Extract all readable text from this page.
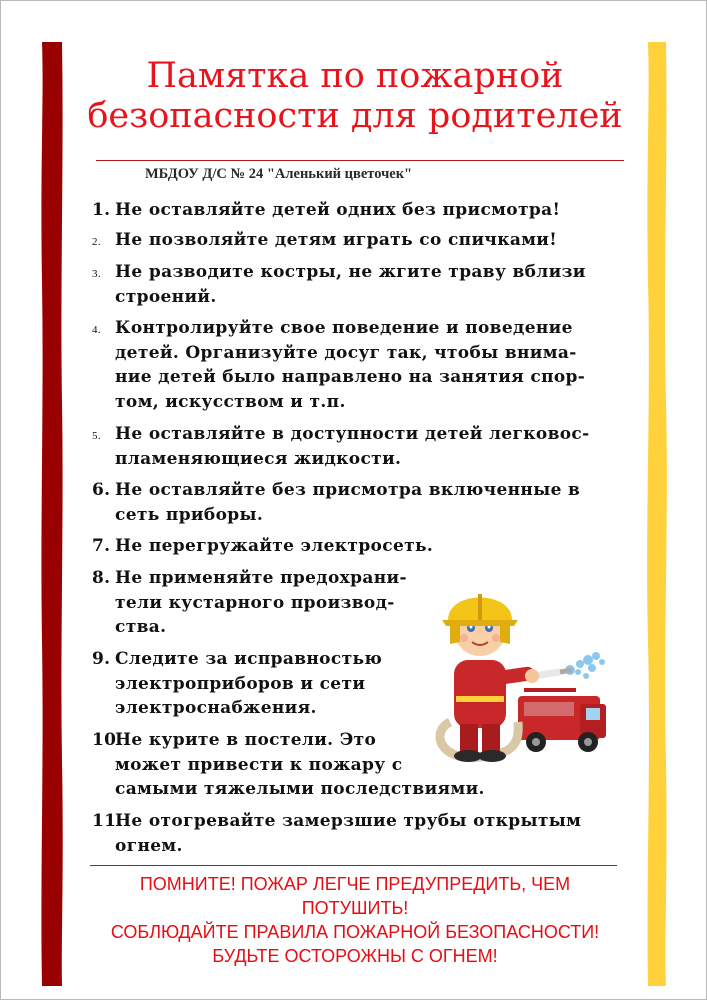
Памятка по пожарной
безопасности для родителей
МБДОУ Д/С № 24 "Аленький цветочек"
1. Не оставляйте детей одних без присмотра!
2. Не позволяйте детям играть со спичками!
3. Не разводите костры, не жгите траву вблизи
строений.
4. Контролируйте свое поведение и поведение
детей. Организуйте досуг так, чтобы внима-
ние детей было направлено на занятия спор-
том, искусством и т.п.
5. Не оставляйте в доступности детей легковос-
пламеняющиеся жидкости.
6. Не оставляйте без присмотра включенные в
сеть приборы.
7. Не перегружайте электросеть.
8. Не применяйте предохрани-
тели кустарного производ-
ства.
9. Следите за исправностью
электроприборов и сети
электроснабжения.
10.
Не курите в постели. Это
может привести к пожару с
самыми тяжелыми последствиями.
11.
Не отогревайте замерзшие трубы открытым
огнем.
ПОМНИТЕ! ПОЖАР ЛЕГЧЕ ПРЕДУПРЕДИТЬ, ЧЕМ
ПОТУШИТЬ!
СОБЛЮДАЙТЕ ПРАВИЛА ПОЖАРНОЙ БЕЗОПАСНОСТИ!
БУДЬТЕ ОСТОРОЖНЫ С ОГНЕМ!
